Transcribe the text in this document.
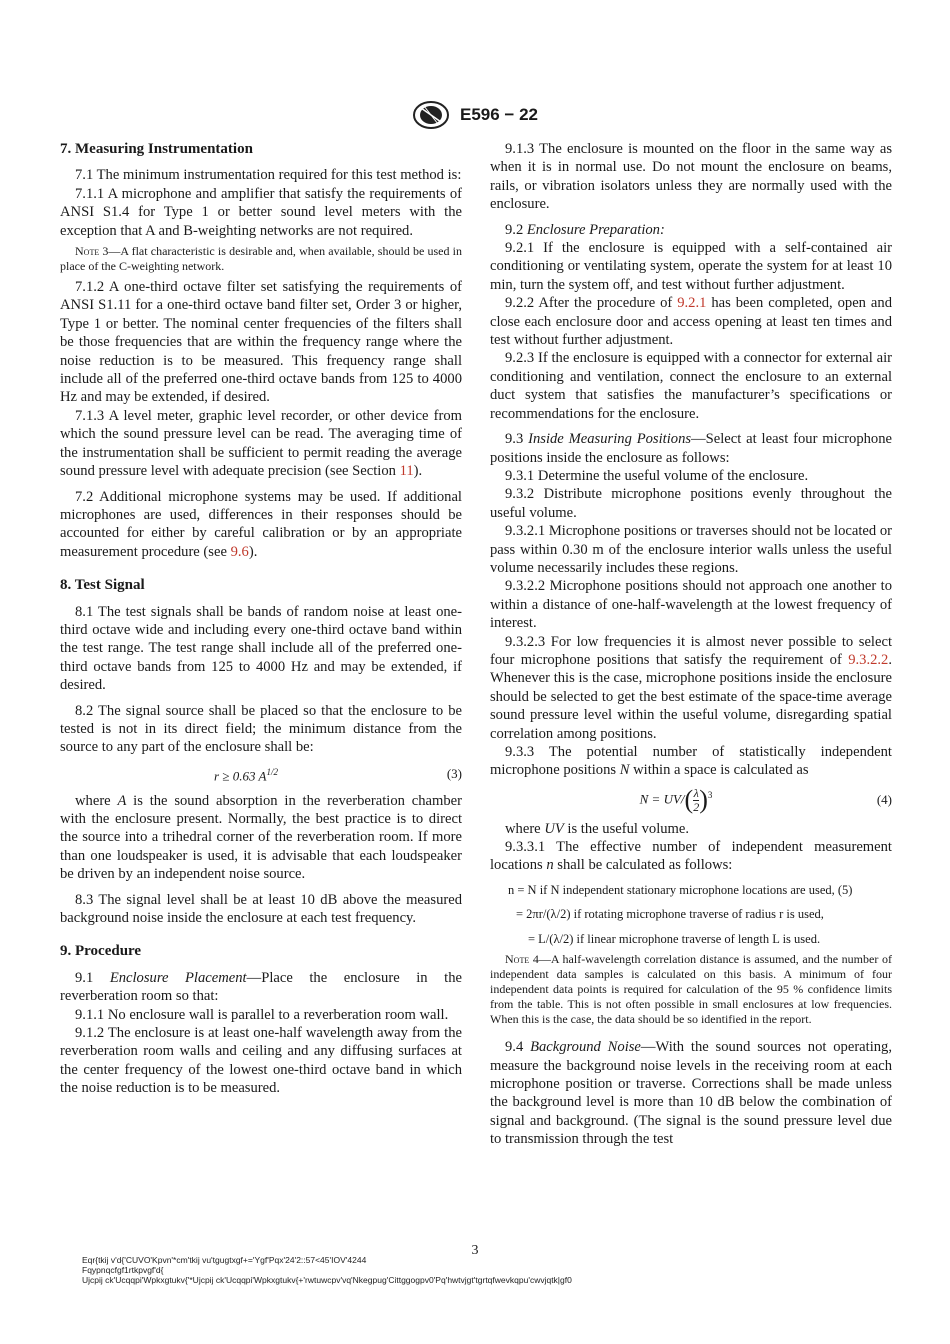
E596 − 22
7. Measuring Instrumentation

7.1 The minimum instrumentation required for this test method is:

7.1.1 A microphone and amplifier that satisfy the requirements of ANSI S1.4 for Type 1 or better sound level meters with the exception that A and B-weighting networks are not required.

Note 3—A flat characteristic is desirable and, when available, should be used in place of the C-weighting network.

7.1.2 A one-third octave filter set satisfying the requirements of ANSI S1.11 for a one-third octave band filter set, Order 3 or higher, Type 1 or better. The nominal center frequencies of the filters shall be those frequencies that are within the frequency range where the noise reduction is to be measured. This frequency range shall include all of the preferred one-third octave bands from 125 to 4000 Hz and may be extended, if desired.

7.1.3 A level meter, graphic level recorder, or other device from which the sound pressure level can be read. The averaging time of the instrumentation shall be sufficient to permit reading the average sound pressure level with adequate precision (see Section 11).

7.2 Additional microphone systems may be used. If additional microphones are used, differences in their responses should be accounted for either by careful calibration or by an appropriate measurement procedure (see 9.6).

8. Test Signal

8.1 The test signals shall be bands of random noise at least one-third octave wide and including every one-third octave band within the test range. The test range shall include all of the preferred one-third octave bands from 125 to 4000 Hz and may be extended, if desired.

8.2 The signal source shall be placed so that the enclosure to be tested is not in its direct field; the minimum distance from the source to any part of the enclosure shall be:

r ≥ 0.63 $A^{1/2}$	(3)

where A is the sound absorption in the reverberation chamber with the enclosure present. Normally, the best practice is to direct the source into a trihedral corner of the reverberation room. If more than one loudspeaker is used, it is advisable that each loudspeaker be driven by an independent noise source.

8.3 The signal level shall be at least 10 dB above the measured background noise inside the enclosure at each test frequency.

9. Procedure

9.1 Enclosure Placement—Place the enclosure in the reverberation room so that:

9.1.1 No enclosure wall is parallel to a reverberation room wall.

9.1.2 The enclosure is at least one-half wavelength away from the reverberation room walls and ceiling and any diffusing surfaces at the center frequency of the lowest one-third octave band in which the noise reduction is to be measured.

9.1.3 The enclosure is mounted on the floor in the same way as when it is in normal use. Do not mount the enclosure on beams, rails, or vibration isolators unless they are normally used with the enclosure.

9.2 Enclosure Preparation:

9.2.1 If the enclosure is equipped with a self-contained air conditioning or ventilating system, operate the system for at least 10 min, turn the system off, and test without further adjustment.

9.2.2 After the procedure of 9.2.1 has been completed, open and close each enclosure door and access opening at least ten times and test without further adjustment.

9.2.3 If the enclosure is equipped with a connector for external air conditioning and ventilation, connect the enclosure to an external duct system that satisfies the manufacturer’s specifications or recommendations for the enclosure.

9.3 Inside Measuring Positions—Select at least four microphone positions inside the enclosure as follows:

9.3.1 Determine the useful volume of the enclosure.

9.3.2 Distribute microphone positions evenly throughout the useful volume.

9.3.2.1 Microphone positions or traverses should not be located or pass within 0.30 m of the enclosure interior walls unless the useful volume necessarily includes these regions.

9.3.2.2 Microphone positions should not approach one another to within a distance of one-half-wavelength at the lowest frequency of interest.

9.3.2.3 For low frequencies it is almost never possible to select four microphone positions that satisfy the requirement of 9.3.2.2. Whenever this is the case, microphone positions inside the enclosure should be selected to get the best estimate of the space-time average sound pressure level within the useful volume, disregarding spatial correlation among positions.

9.3.3 The potential number of statistically independent microphone positions N within a space is calculated as

$N = UV/( \frac{\lambda}{2} )^3$	(4)

where UV is the useful volume.

9.3.3.1 The effective number of independent measurement locations n shall be calculated as follows:

n = N if N independent stationary microphone locations are used, (5)
= 2πr/(λ/2) if rotating microphone traverse of radius r is used,
= L/(λ/2) if linear microphone traverse of length L is used.

Note 4—A half-wavelength correlation distance is assumed, and the number of independent data samples is calculated on this basis. A minimum of four independent data points is required for calculation of the 95 % confidence limits from the table. This is not often possible in small enclosures at low frequencies. When this is the case, the data should be so identified in the report.

9.4 Background Noise—With the sound sources not operating, measure the background noise levels in the receiving room at each microphone position or traverse. Corrections shall be made unless the background level is more than 10 dB below the combination of signal and background. (The signal is the sound pressure level due to transmission through the test

3
Eqr{tkij v'd{'CUVO'Kpvn'*cm'tkij vu'tgugtxgf+='Ygf'Pqx'24'2::57<45'IOV'4244
Fqypnqcfgf1rtkpvgf'd{
Ujcpij ck'Ucqqpi'Wpkxgtukv{'*Ujcpij ck'Ucqqpi'Wpkxgtukv{+'rwtuwcpv'vq'Nkegpug'Cittggogpv0'Pq'hwtvjgt'tgrtqfwevkqpu'cwvjqtk|gf0
